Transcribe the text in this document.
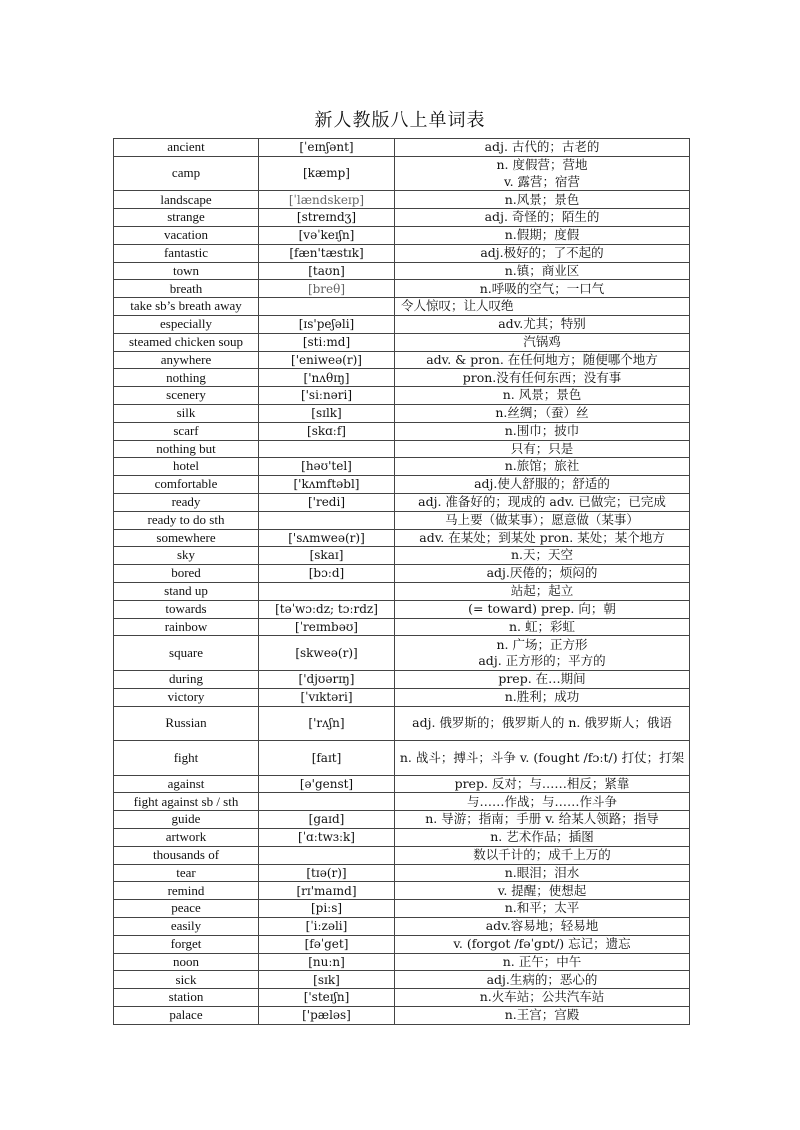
新人教版八上单词表
ancient	[ˈeɪnʃənt]	adj. 古代的；古老的
camp	[kæmp]	n. 度假营；营地
v. 露营；宿营
landscape	[ˈlændskeɪp]	n.风景；景色
strange	[streɪndʒ]	adj. 奇怪的；陌生的
vacation	[vəˈkeɪʃn]	n.假期；度假
fantastic	[fæn'tæstɪk]	adj.极好的；了不起的
town	[taʊn]	n.镇；商业区
breath	[breθ]	n.呼吸的空气；一口气
take sb’s breath away		令人惊叹；让人叹绝
especially	[ɪs'peʃəli]	adv.尤其；特别
steamed chicken soup	[stiːmd]	汽锅鸡
anywhere	['eniweə(r)]	adv. & pron. 在任何地方；随便哪个地方
nothing	['nʌθɪŋ]	pron.没有任何东西；没有事
scenery	['siːnəri]	n. 风景；景色
silk	[sɪlk]	n.丝绸；（蚕）丝
scarf	[skɑːf]	n.围巾；披巾
nothing but		只有；只是
hotel	[həʊ'tel]	n.旅馆；旅社
comfortable	['kʌmftəbl]	adj.使人舒服的；舒适的
ready	['redi]	adj. 准备好的；现成的 adv. 已做完；已完成
ready to do sth		马上要（做某事）；愿意做（某事）
somewhere	['sʌmweə(r)]	adv. 在某处；到某处 pron. 某处；某个地方
sky	[skaɪ]	n.天；天空
bored	[bɔːd]	adj.厌倦的；烦闷的
stand up		站起；起立
towards	[təˈwɔːdz; tɔːrdz]	(= toward) prep. 向；朝
rainbow	[ˈreɪmbəʊ]	n. 虹；彩虹
square	[skweə(r)]	n. 广场；正方形
adj. 正方形的；平方的
during	['djʊərɪŋ]	prep. 在…期间
victory	[ˈvɪktəri]	n.胜利；成功
Russian	['rʌʃn]	adj. 俄罗斯的；俄罗斯人的 n. 俄罗斯人；俄语
fight	[faɪt]	n. 战斗；搏斗；斗争 v. (fought /fɔːt/) 打仗；打架
against	[ə'genst]	prep. 反对；与……相反；紧靠
fight against sb / sth		与……作战；与……作斗争
guide	[gaɪd]	n. 导游；指南；手册 v. 给某人领路；指导
artwork	[ˈɑːtwɜːk]	n. 艺术作品；插图
thousands of		数以千计的；成千上万的
tear	[tɪə(r)]	n.眼泪；泪水
remind	[rɪ'maɪnd]	v. 提醒；使想起
peace	[piːs]	n.和平；太平
easily	[ˈiːzəli]	adv.容易地；轻易地
forget	[fəˈget]	v. (forgot /fəˈgɒt/) 忘记；遗忘
noon	[nuːn]	n. 正午；中午
sick	[sɪk]	adj.生病的；恶心的
station	['steɪʃn]	n.火车站；公共汽车站
palace	['pæləs]	n.王宫；宫殿
